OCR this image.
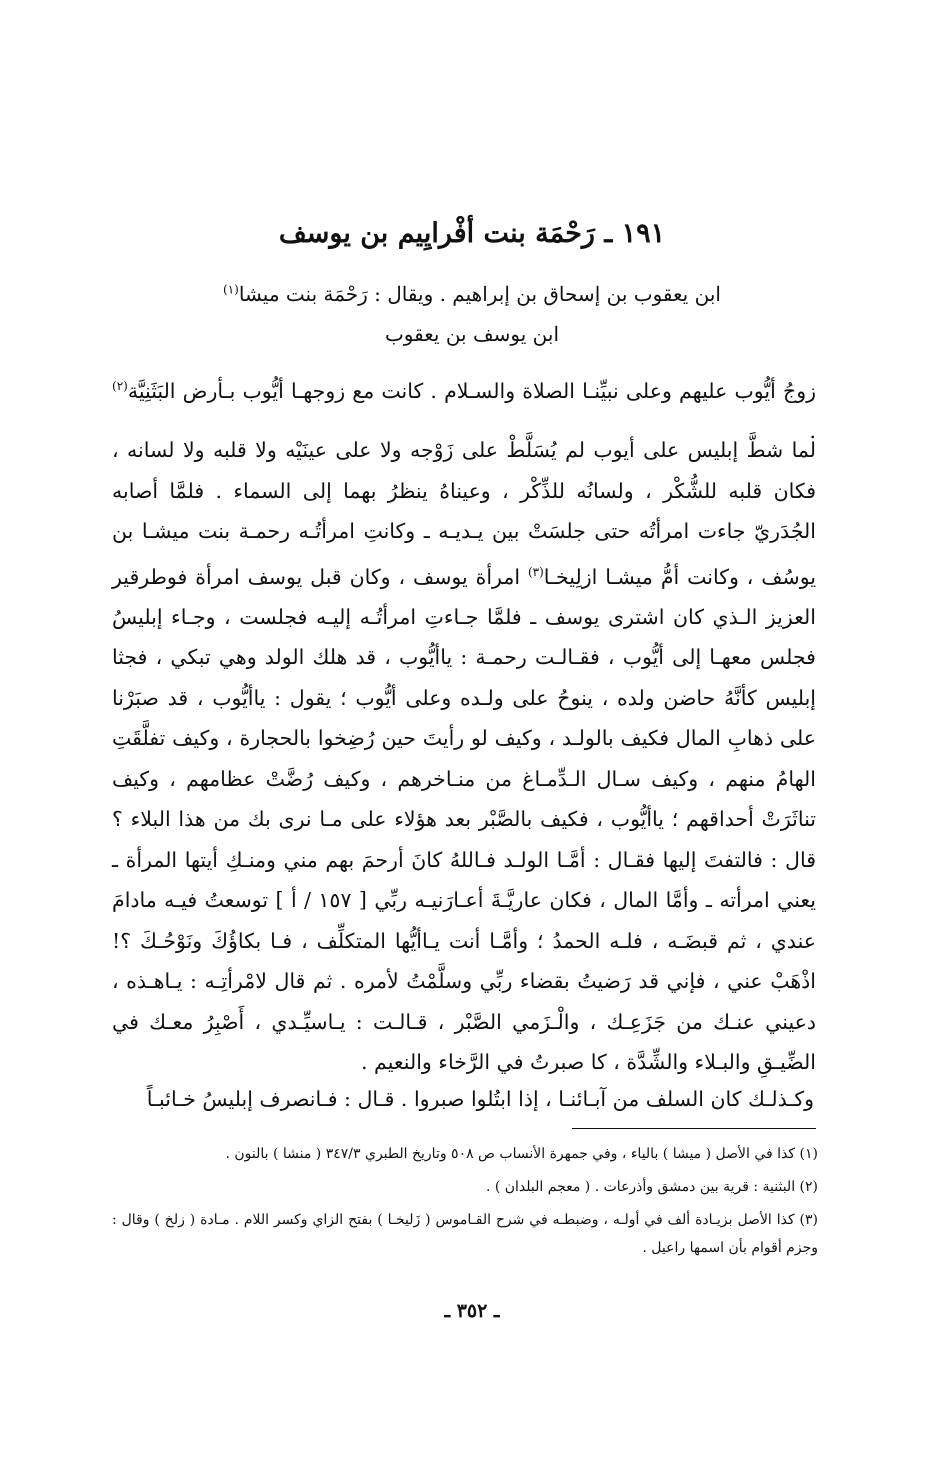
١٩١ ـ رَحْمَة بنت أفْرايِيم بن يوسف

ابن يعقوب بن إسحاق بن إبراهيم . ويقال : رَحْمَة بنت ميشا$^{(١)}$

ابن يوسف بن يعقوب

زوجُ أيُّوب عليهم وعلى نبيِّنـا الصلاة والسـلام . كانت مع زوجهـا أيُّوب بـأرض البَثَنِيَّة$^{(٢)}$ .

لما شطَّ إبليس على أيوب لم يُسَلَّطْ على زَوْجه ولا على عينَيْه ولا قلبه ولا لسانه ، فكان قلبه للشُّكْر ، ولسانُه للذِّكْر ، وعيناهُ ينظرُ بهما إلى السماء . فلمَّا أصابه الجُدَريّ جاءت امرأتُه حتى جلسَتْ بين يـديـه ـ وكانتِ امرأتُـه رحمـة بنت ميشـا بن يوسُف ، وكانت أمُّ ميشـا ازلِيخـا$^{(٣)}$ امرأة يوسف ، وكان قبل يوسف امرأة فوطرقير العزيز الـذي كان اشترى يوسف ـ فلمَّا جـاءتِ امرأتُـه إليـه فجلست ، وجـاء إبليسُ فجلس معهـا إلى أيُّوب ، فقـالـت رحمـة : ياأيُّوب ، قد هلك الولد وهي تبكي ، فجثا إبليس كأنَّهُ حاضن ولده ، ينوحُ على ولـده وعلى أيُّوب ؛ يقول : ياأيُّوب ، قد صبَرْنا على ذهابِ المال فكيف بالولـد ، وكيف لو رأيتَ حين رُضِخوا بالحجارة ، وكيف تفلَّقَتِ الهامُ منهم ، وكيف سـال الـدِّمـاغ من منـاخرهم ، وكيف رُضَّتْ عظامهم ، وكيف تناثَرَتْ أحداقهم ؛ ياأيُّوب ، فكيف بالصَّبْر بعد هؤلاء على مـا نرى بك من هذا البلاء ؟ قال : فالتفتَ إليها فقـال : أمَّـا الولـد فـاللهُ كانَ أرحمَ بهم مني ومنـكِ أيتها المرأة ـ يعني امرأته ـ وأمَّا المال ، فكان عاريَّـةَ أعـارَنيـه ربِّي [ ١٥٧ / أ ] توسعتُ فيـه مادامَ عندي ، ثم قبضَـه ، فلـه الحمدُ ؛ وأمَّـا أنت يـاأيُّها المتكلِّف ، فـا بكاؤُكَ ونَوْحُـكَ ؟! اذْهَبْ عني ، فإني قد رَضيتُ بقضاء ربِّي وسلَّمْتُ لأمره . ثم قال لامْرأتِـه : يـاهـذه ، دعيني عنـك من جَزَعِـك ، والْـزَمي الصَّبْر ، قـالـت : يـاسيِّـدي ، أَصْبِرُ معـك في الضِّيـقِ والبـلاء والشِّدَّة ، كا صبرتُ في الرَّخاء والنعيم .

وكـذلـك كان السلف من آبـائنـا ، إذا ابتُلوا صبروا . قـال : فـانصرف إبليسُ خـائبـاً

(١) كذا في الأصل ( ميشا ) بالياء ، وفي جمهرة الأنساب ص ٥٠٨ وتاريخ الطبري ٣٤٧/٣ ( منشا ) بالنون .

(٢) البثنية : قرية بين دمشق وأذرعات . ( معجم البلدان ) .

(٣) كذا الأصل بزيـادة ألف في أولـه ، وضبطـه في شرح القـاموس ( زَليخـا ) بفتح الزاي وكسر اللام . مـادة ( زلخ ) وقال : وجزم أقوام بأن اسمها راعيل .

ـ ٣٥٢ ـ
